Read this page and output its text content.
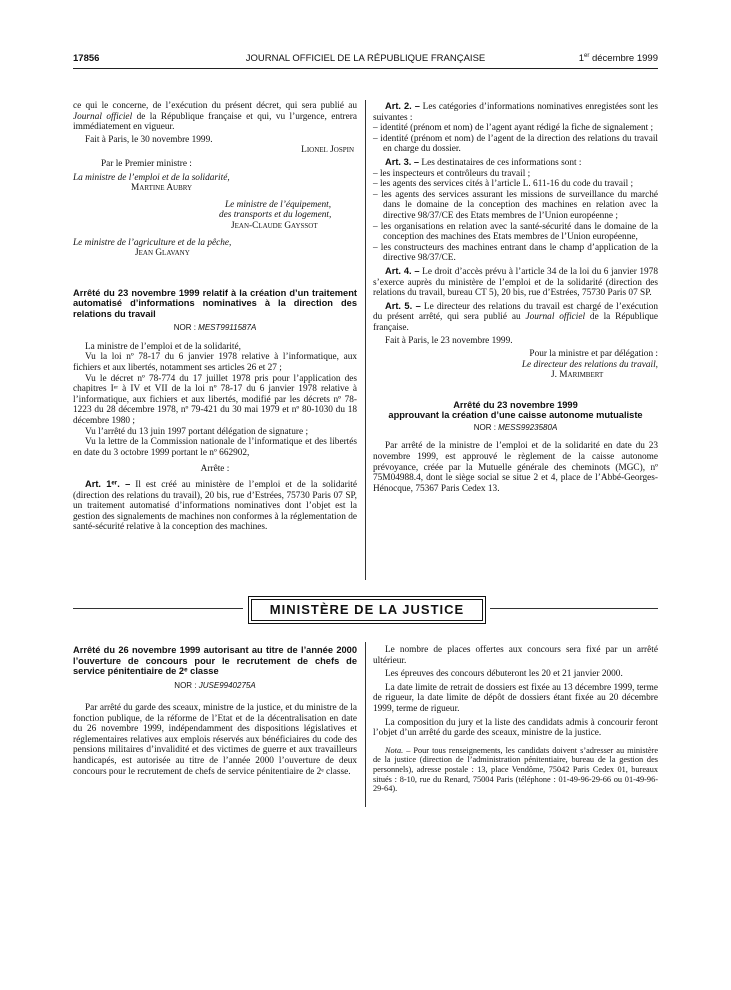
17856	JOURNAL OFFICIEL DE LA RÉPUBLIQUE FRANÇAISE	1er décembre 1999

ce qui le concerne, de l’exécution du présent décret, qui sera publié au Journal officiel de la République française et qui, vu l’urgence, entrera immédiatement en vigueur.

Fait à Paris, le 30 novembre 1999.

Lionel Jospin

Par le Premier ministre :

La ministre de l’emploi et de la solidarité,

Martine Aubry

Le ministre de l’équipement,

des transports et du logement,

Jean-Claude Gayssot

Le ministre de l’agriculture et de la pêche,

Jean Glavany

Arrêté du 23 novembre 1999 relatif à la création d’un traitement automatisé d’informations nominatives à la direction des relations du travail

NOR : MEST9911587A

La ministre de l’emploi et de la solidarité,

Vu la loi nº 78-17 du 6 janvier 1978 relative à l’informatique, aux fichiers et aux libertés, notamment ses articles 26 et 27 ;

Vu le décret nº 78-774 du 17 juillet 1978 pris pour l’application des chapitres Iᵉʳ à IV et VII de la loi nº 78-17 du 6 janvier 1978 relative à l’informatique, aux fichiers et aux libertés, modifié par les décrets nº 78-1223 du 28 décembre 1978, nº 79-421 du 30 mai 1979 et nº 80-1030 du 18 décembre 1980 ;

Vu l’arrêté du 13 juin 1997 portant délégation de signature ;

Vu la lettre de la Commission nationale de l’informatique et des libertés en date du 3 octobre 1999 portant le nº 662902,

Arrête :

Art. 1ᵉʳ. – Il est créé au ministère de l’emploi et de la solidarité (direction des relations du travail), 20 bis, rue d’Estrées, 75730 Paris 07 SP, un traitement automatisé d’informations nominatives dont l’objet est la gestion des signalements de machines non conformes à la réglementation de santé-sécurité relative à la conception des machines.

Art. 2. – Les catégories d’informations nominatives enregistées sont les suivantes :

– identité (prénom et nom) de l’agent ayant rédigé la fiche de signalement ;
– identité (prénom et nom) de l’agent de la direction des relations du travail en charge du dossier.

Art. 3. – Les destinataires de ces informations sont :

– les inspecteurs et contrôleurs du travail ;
– les agents des services cités à l’article L. 611-16 du code du travail ;
– les agents des services assurant les missions de surveillance du marché dans le domaine de la conception des machines en relation avec la directive 98/37/CE des Etats membres de l’Union européenne ;
– les organisations en relation avec la santé-sécurité dans le domaine de la conception des machines des Etats membres de l’Union européenne,
– les constructeurs des machines entrant dans le champ d’application de la directive 98/37/CE.

Art. 4. – Le droit d’accès prévu à l’article 34 de la loi du 6 janvier 1978 s’exerce auprès du ministère de l’emploi et de la solidarité (direction des relations du travail, bureau CT 5), 20 bis, rue d’Estrées, 75730 Paris 07 SP.

Art. 5. – Le directeur des relations du travail est chargé de l’exécution du présent arrêté, qui sera publié au Journal officiel de la République française.

Fait à Paris, le 23 novembre 1999.

Pour la ministre et par délégation :

Le directeur des relations du travail,

J. Marimbert

Arrêté du 23 novembre 1999

approuvant la création d’une caisse autonome mutualiste

NOR : MESS9923580A

Par arrêté de la ministre de l’emploi et de la solidarité en date du 23 novembre 1999, est approuvé le règlement de la caisse autonome prévoyance, créée par la Mutuelle générale des cheminots (MGC), nº 75M04988.4, dont le siège social se situe 2 et 4, place de l’Abbé-Georges-Hénocque, 75367 Paris Cedex 13.

MINISTÈRE DE LA JUSTICE

Arrêté du 26 novembre 1999 autorisant au titre de l’année 2000 l’ouverture de concours pour le recrutement de chefs de service pénitentiaire de 2ᵉ classe

NOR : JUSE9940275A

Par arrêté du garde des sceaux, ministre de la justice, et du ministre de la fonction publique, de la réforme de l’Etat et de la décentralisation en date du 26 novembre 1999, indépendamment des dispositions législatives et réglementaires relatives aux emplois réservés aux bénéficiaires du code des pensions militaires d’invalidité et des victimes de guerre et aux travailleurs handicapés, est autorisée au titre de l’année 2000 l’ouverture de deux concours pour le recrutement de chefs de service pénitentiaire de 2ᵉ classe.

Le nombre de places offertes aux concours sera fixé par un arrêté ultérieur.

Les épreuves des concours débuteront les 20 et 21 janvier 2000.

La date limite de retrait de dossiers est fixée au 13 décembre 1999, terme de rigueur, la date limite de dépôt de dossiers étant fixée au 20 décembre 1999, terme de rigueur.

La composition du jury et la liste des candidats admis à concourir feront l’objet d’un arrêté du garde des sceaux, ministre de la justice.

Nota. – Pour tous renseignements, les candidats doivent s’adresser au ministère de la justice (direction de l’administration pénitentiaire, bureau de la gestion des personnels), adresse postale : 13, place Vendôme, 75042 Paris Cedex 01, bureaux situés : 8-10, rue du Renard, 75004 Paris (téléphone : 01-49-96-29-66 ou 01-49-96-29-64).
